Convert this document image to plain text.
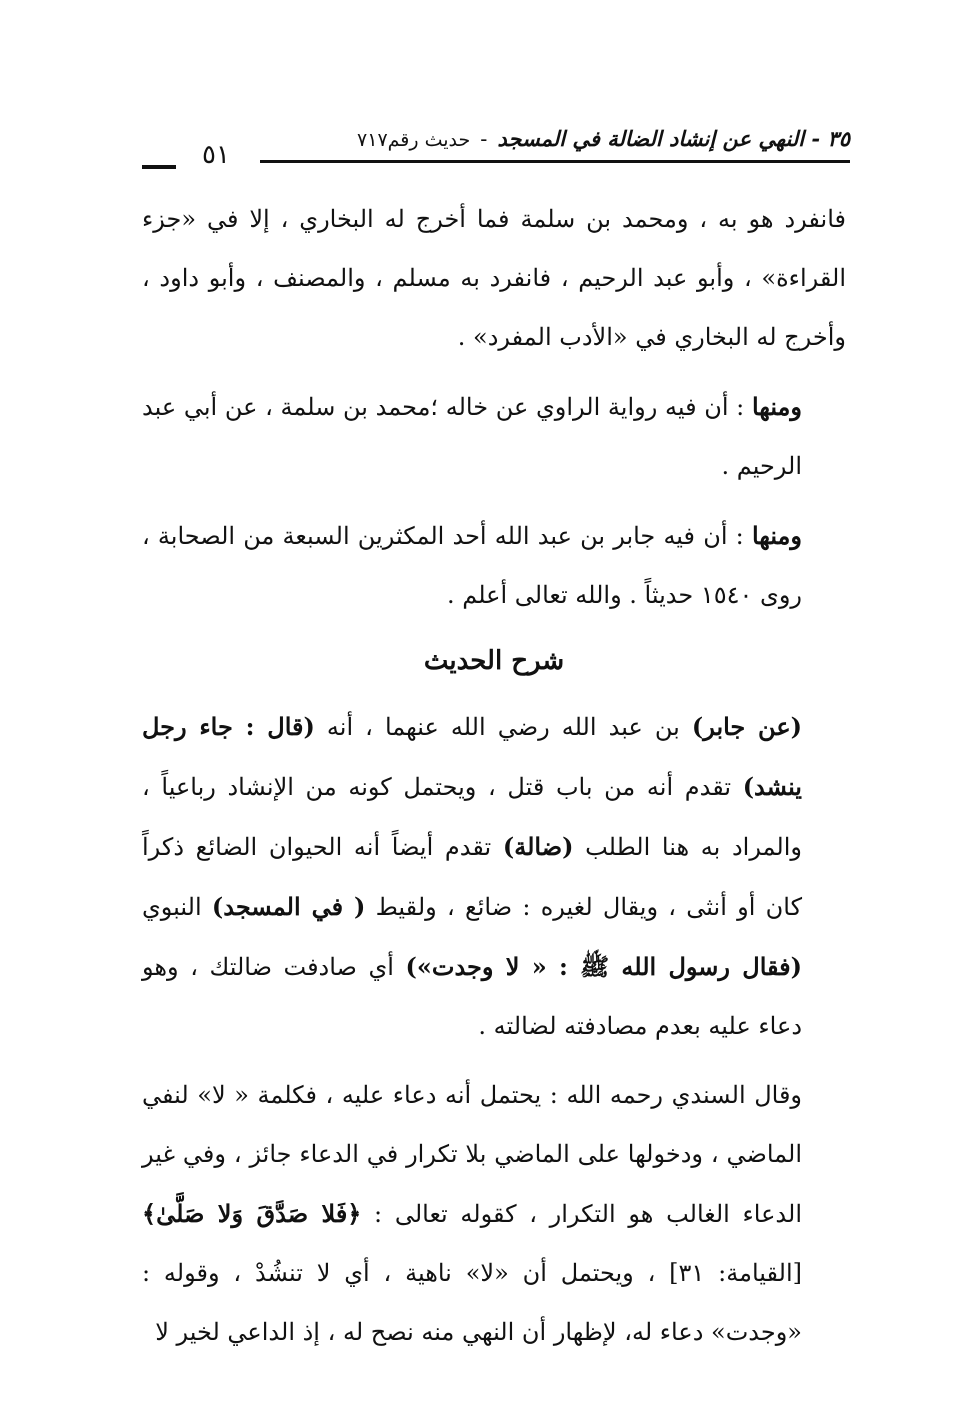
٣٥ - النهي عن إنشاد الضالة في المسجد-حديث رقم٧١٧
٥١

فانفرد هو به ، ومحمد بن سلمة فما أخرج له البخاري ، إلا في «جزء القراءة» ، وأبو عبد الرحيم ، فانفرد به مسلم ، والمصنف ، وأبو داود ، وأخرج له البخاري في «الأدب المفرد» .

ومنها : أن فيه رواية الراوي عن خاله ؛محمد بن سلمة ، عن أبي عبد الرحيم .

ومنها : أن فيه جابر بن عبد الله أحد المكثرين السبعة من الصحابة ، روى ١٥٤٠ حديثاً . والله تعالى أعلم .

شرح الحديث

(عن جابر) بن عبد الله رضي الله عنهما ، أنه (قال : جاء رجل ينشد) تقدم أنه من باب قتل ، ويحتمل كونه من الإنشاد رباعياً ، والمراد به هنا الطلب (ضالة) تقدم أيضاً أنه الحيوان الضائع ذكراً كان أو أنثى ، ويقال لغيره : ضائع ، ولقيط ( في المسجد) النبوي (فقال رسول الله ﷺ : « لا وجدت») أي صادفت ضالتك ، وهو دعاء عليه بعدم مصادفته لضالته .

وقال السندي رحمه الله : يحتمل أنه دعاء عليه ، فكلمة « لا» لنفي الماضي ، ودخولها على الماضي بلا تكرار في الدعاء جائز ، وفي غير الدعاء الغالب هو التكرار ، كقوله تعالى : ﴿فَلا صَدَّقَ وَلا صَلَّىٰ﴾ [القيامة: ٣١] ، ويحتمل أن «لا» ناهية ، أي لا تنشُدْ ، وقوله : «وجدت» دعاء له، لإظهار أن النهي منه نصح له ، إذ الداعي لخير لا
